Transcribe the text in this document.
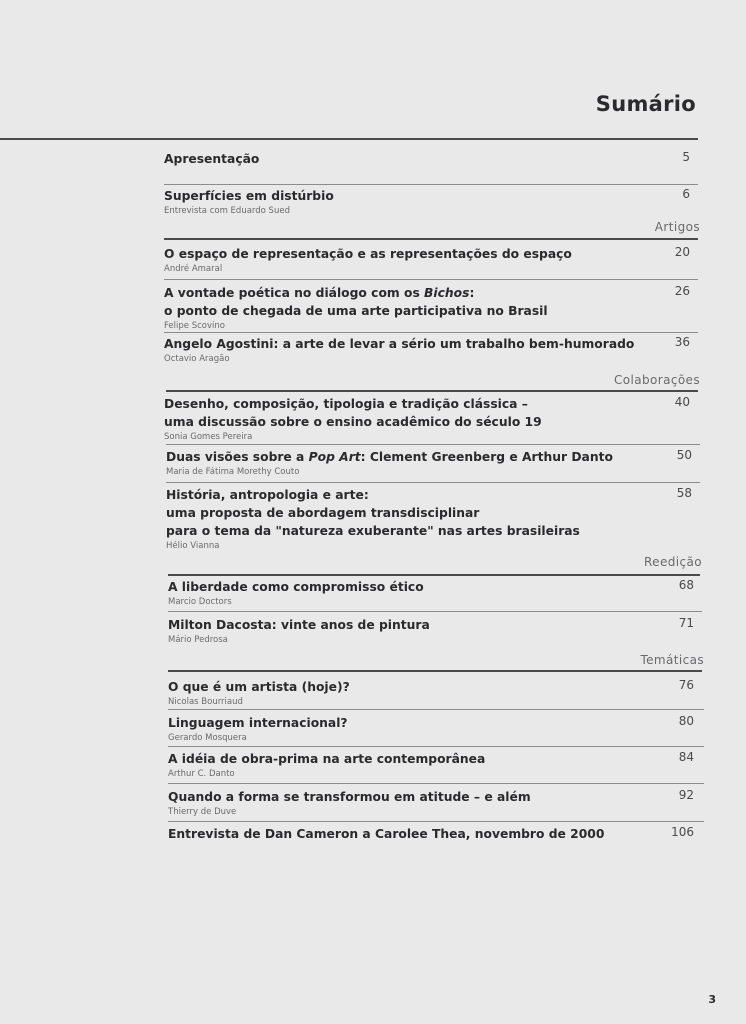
Sumário
Apresentação	5
Superfícies em distúrbio
Entrevista com Eduardo Sued
6
Artigos
O espaço de representação e as representações do espaço
André Amaral
20
A vontade poética no diálogo com os Bichos:
o ponto de chegada de uma arte participativa no Brasil
Felipe Scovino
26
Angelo Agostini: a arte de levar a sério um trabalho bem-humorado
Octavio Aragão
36
Colaborações
Desenho, composição, tipologia e tradição clássica –
uma discussão sobre o ensino acadêmico do século 19
Sonia Gomes Pereira
40
Duas visões sobre a Pop Art: Clement Greenberg e Arthur Danto
Maria de Fátima Morethy Couto
50
História, antropologia e arte:
uma proposta de abordagem transdisciplinar
para o tema da "natureza exuberante" nas artes brasileiras
Hélio Vianna
58
Reedição
A liberdade como compromisso ético
Marcio Doctors
68
Milton Dacosta: vinte anos de pintura
Mário Pedrosa
71
Temáticas
O que é um artista (hoje)?
Nicolas Bourriaud
76
Linguagem internacional?
Gerardo Mosquera
80
A idéia de obra-prima na arte contemporânea
Arthur C. Danto
84
Quando a forma se transformou em atitude – e além
Thierry de Duve
92
Entrevista de Dan Cameron a Carolee Thea, novembro de 2000	106
3
